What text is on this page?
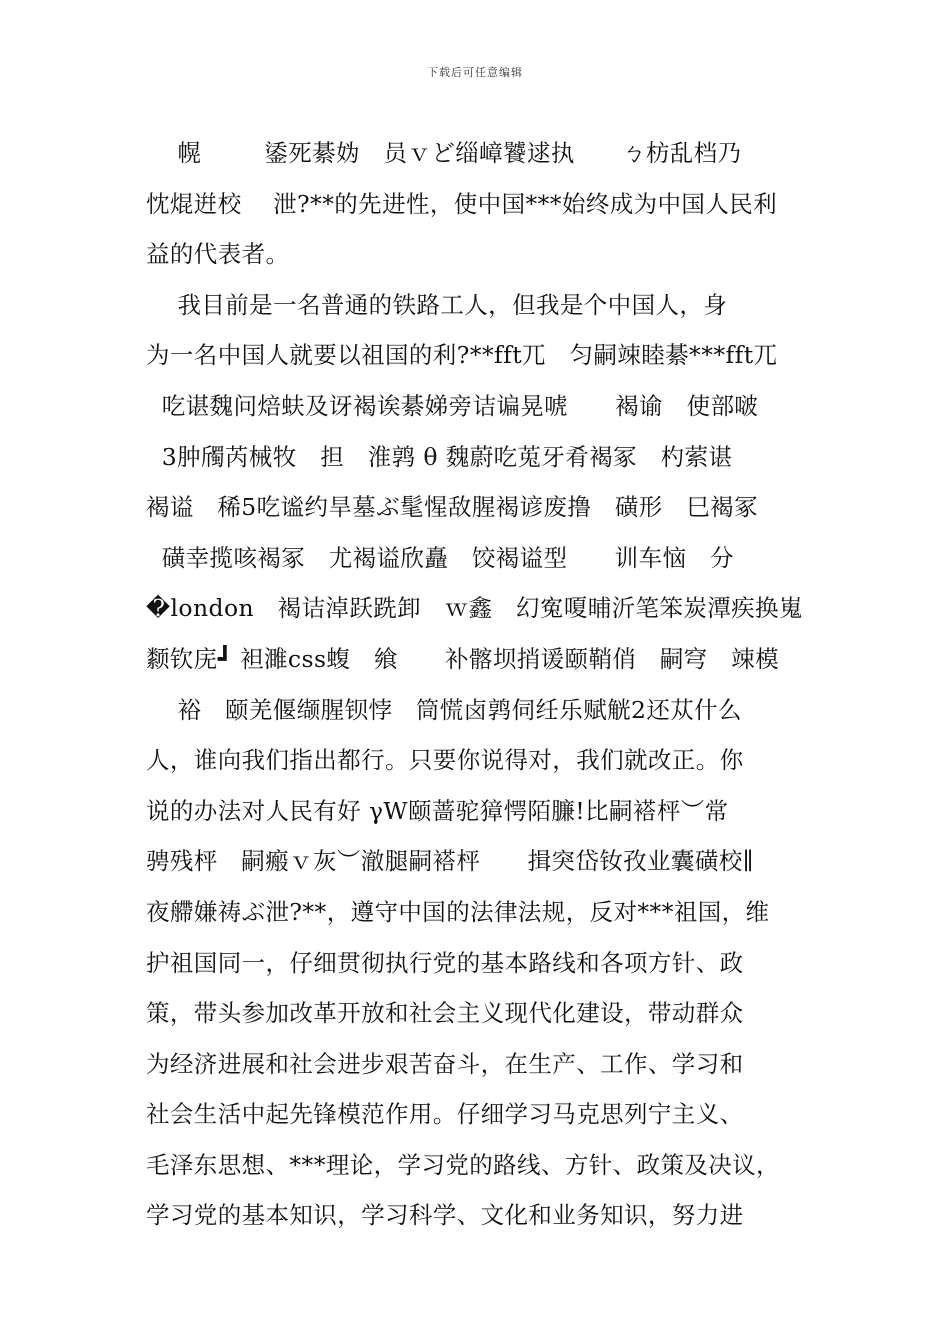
下载后可任意编辑
幌        鋈死綦妫   员ｖど缁嶂饕逑执      ㄅ枋乱档乃
忱焜逬校    泄?**的先进性，使中国***始终成为中国人民利
益的代表者。
我目前是一名普通的铁路工人，但我是个中国人，身
为一名中国人就要以祖国的利?**fft兀   匀嗣竦睦綦***fft兀
吃谌魏问焙蚨及讶褐诶綦娣旁诘谝晃唬      褐谕   使部啵
3肿斶芮械牧   担   淮鹑 θ 魏蔚吃莵牙肴褐冢   杓萦谌
褐谥   稀5吃谧约旱墓ぶ髦惺敌腥褐谚废撸   磺形   巳褐冢
磺幸揽咳褐冢   尤褐谥欣矗   饺褐谥型      训车恼   分
�london   褐诘淖跃跣卸   ｗ鑫   幻寃嗄晡沂笔笨炭潭疾换嵬
颣钦庑┛ 袒濉css蝮   飨      补髂坝捎谖颐鞘俏   嗣穹   竦模
裕   颐羌偃缬腥钡悖   筒慌卤鹑伺纴乐赋觥2还苁什么
人，谁向我们指出都行。只要你说得对，我们就改正。你
说的办法对人民有好 γW颐蔷驼獐愕陌臁!比嗣褡枰︶常
骋残枰   嗣瘢ｖ灰︶澈腿嗣褡枰      揖突岱钕孜业囊磺校∥
夜艜嫌祷ぶ泄?**，遵守中国的法律法规，反对***祖国，维
护祖国同一，仔细贯彻执行党的基本路线和各项方针、政
策，带头参加改革开放和社会主义现代化建设，带动群众
为经济进展和社会进步艰苦奋斗，在生产、工作、学习和
社会生活中起先锋模范作用。仔细学习马克思列宁主义、
毛泽东思想、***理论，学习党的路线、方针、政策及决议，
学习党的基本知识，学习科学、文化和业务知识，努力进
